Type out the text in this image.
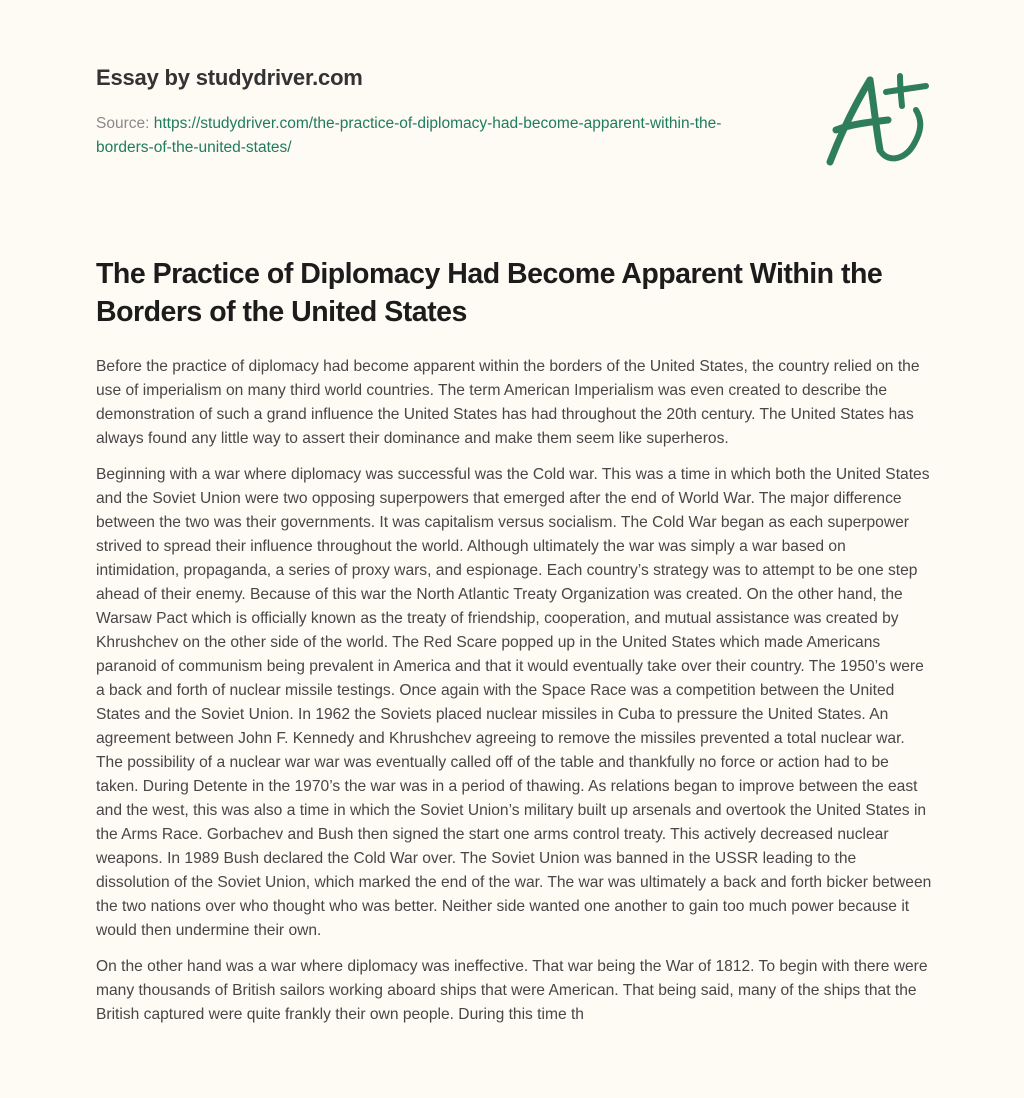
Essay by studydriver.com
Source: https://studydriver.com/the-practice-of-diplomacy-had-become-apparent-within-the-borders-of-the-united-states/
The Practice of Diplomacy Had Become Apparent Within the Borders of the United States

Before the practice of diplomacy had become apparent within the borders of the United States, the country relied on the use of imperialism on many third world countries. The term American Imperialism was even created to describe the demonstration of such a grand influence the United States has had throughout the 20th century. The United States has always found any little way to assert their dominance and make them seem like superheros.

Beginning with a war where diplomacy was successful was the Cold war. This was a time in which both the United States and the Soviet Union were two opposing superpowers that emerged after the end of World War. The major difference between the two was their governments. It was capitalism versus socialism. The Cold War began as each superpower strived to spread their influence throughout the world. Although ultimately the war was simply a war based on intimidation, propaganda, a series of proxy wars, and espionage. Each country’s strategy was to attempt to be one step ahead of their enemy. Because of this war the North Atlantic Treaty Organization was created. On the other hand, the Warsaw Pact which is officially known as the treaty of friendship, cooperation, and mutual assistance was created by Khrushchev on the other side of the world. The Red Scare popped up in the United States which made Americans paranoid of communism being prevalent in America and that it would eventually take over their country. The 1950’s were a back and forth of nuclear missile testings. Once again with the Space Race was a competition between the United States and the Soviet Union. In 1962 the Soviets placed nuclear missiles in Cuba to pressure the United States. An agreement between John F. Kennedy and Khrushchev agreeing to remove the missiles prevented a total nuclear war. The possibility of a nuclear war war was eventually called off of the table and thankfully no force or action had to be taken. During Detente in the 1970’s the war was in a period of thawing. As relations began to improve between the east and the west, this was also a time in which the Soviet Union’s military built up arsenals and overtook the United States in the Arms Race. Gorbachev and Bush then signed the start one arms control treaty. This actively decreased nuclear weapons. In 1989 Bush declared the Cold War over. The Soviet Union was banned in the USSR leading to the dissolution of the Soviet Union, which marked the end of the war. The war was ultimately a back and forth bicker between the two nations over who thought who was better. Neither side wanted one another to gain too much power because it would then undermine their own.

On the other hand was a war where diplomacy was ineffective. That war being the War of 1812. To begin with there were many thousands of British sailors working aboard ships that were American. That being said, many of the ships that the British captured were quite frankly their own people. During this time th
